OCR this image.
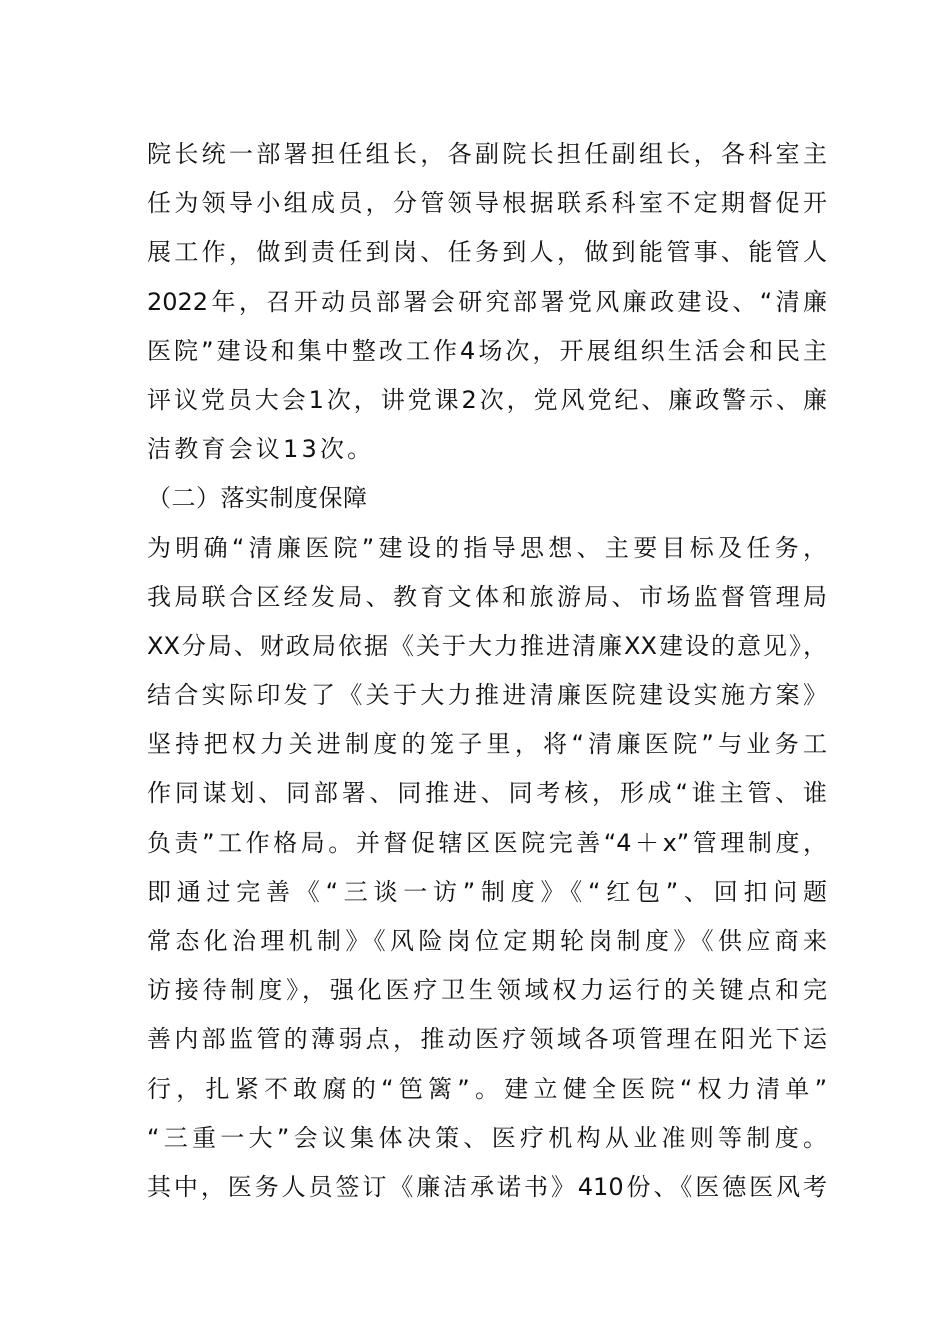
院长统一部署担任组长，各副院长担任副组长，各科室主
任为领导小组成员，分管领导根据联系科室不定期督促开
展工作，做到责任到岗、任务到人，做到能管事、能管人
2022年，召开动员部署会研究部署党风廉政建设、“清廉
医院”建设和集中整改工作4场次，开展组织生活会和民主
评议党员大会1次，讲党课2次，党风党纪、廉政警示、廉
洁教育会议13次。
（二）落实制度保障
为明确“清廉医院”建设的指导思想、主要目标及任务，
我局联合区经发局、教育文体和旅游局、市场监督管理局
XX分局、财政局依据《关于大力推进清廉XX建设的意见》，
结合实际印发了《关于大力推进清廉医院建设实施方案》
坚持把权力关进制度的笼子里，将“清廉医院”与业务工
作同谋划、同部署、同推进、同考核，形成“谁主管、谁
负责”工作格局。并督促辖区医院完善“4＋x”管理制度，
即通过完善《“三谈一访”制度》《“红包”、回扣问题
常态化治理机制》《风险岗位定期轮岗制度》《供应商来
访接待制度》，强化医疗卫生领域权力运行的关键点和完
善内部监管的薄弱点，推动医疗领域各项管理在阳光下运
行，扎紧不敢腐的“笆篱”。建立健全医院“权力清单”
“三重一大”会议集体决策、医疗机构从业准则等制度。
其中，医务人员签订《廉洁承诺书》410份、《医德医风考
